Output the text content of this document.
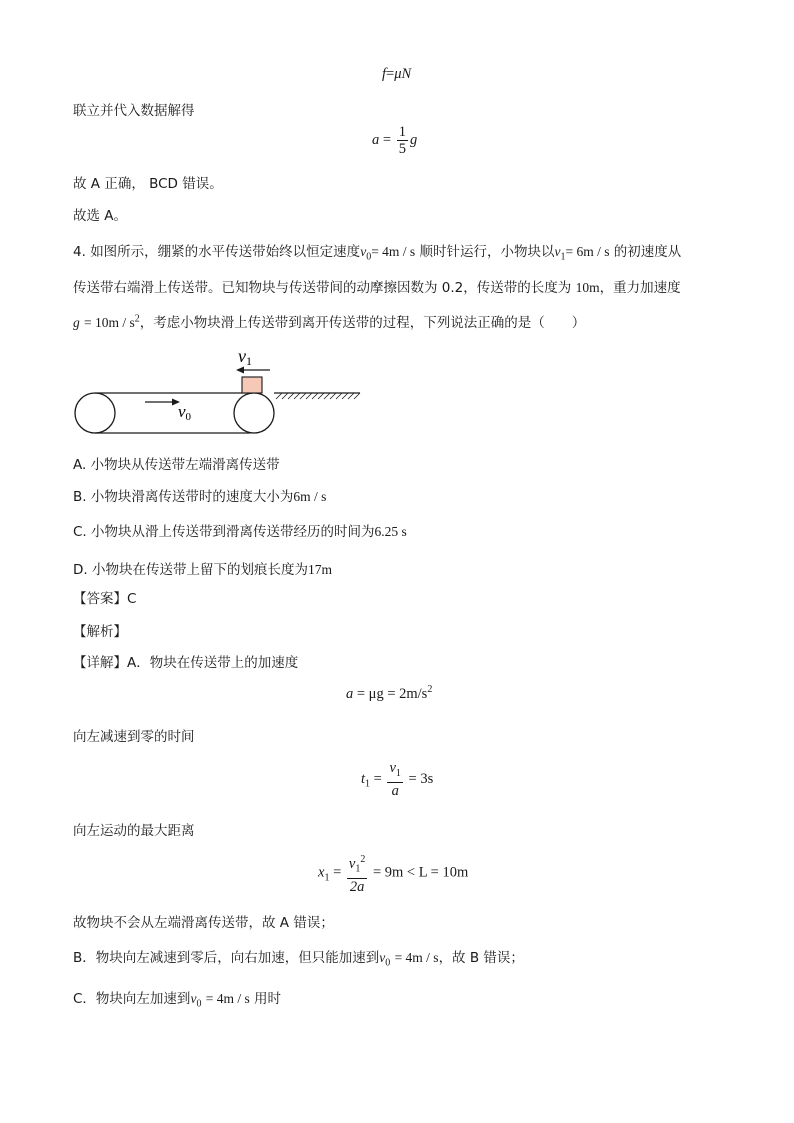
f=μN
联立并代入数据解得
$a = \frac{1}{5}$ g
故 A 正确， BCD 错误。
故选 A。
4. 如图所示，绷紧的水平传送带始终以恒定速度$v_0= 4m / s$ 顺时针运行，小物块以$v_1= 6m / s$ 的初速度从
传送带右端滑上传送带。已知物块与传送带间的动摩擦因数为 0.2，传送带的长度为 10m，重力加速度
$g = 10m / s^2$，考虑小物块滑上传送带到离开传送带的过程，下列说法正确的是（　　）
v1
v0
A. 小物块从传送带左端滑离传送带
B. 小物块滑离传送带时的速度大小为6m / s
C. 小物块从滑上传送带到滑离传送带经历的时间为6.25 s
D. 小物块在传送带上留下的划痕长度为17m
【答案】C
【解析】
【详解】A．物块在传送带上的加速度
$a = \mu g = 2m/s^2$
向左减速到零的时间
$t_1 = \frac{v_1}{a} = 3s$
向左运动的最大距离
$x_1 = \frac{v_1^2}{2a} = 9m < L = 10m$
故物块不会从左端滑离传送带，故 A 错误；
B．物块向左减速到零后，向右加速，但只能加速到$v_0 = 4m / s$，故 B 错误；
C．物块向左加速到$v_0 = 4m / s$ 用时
